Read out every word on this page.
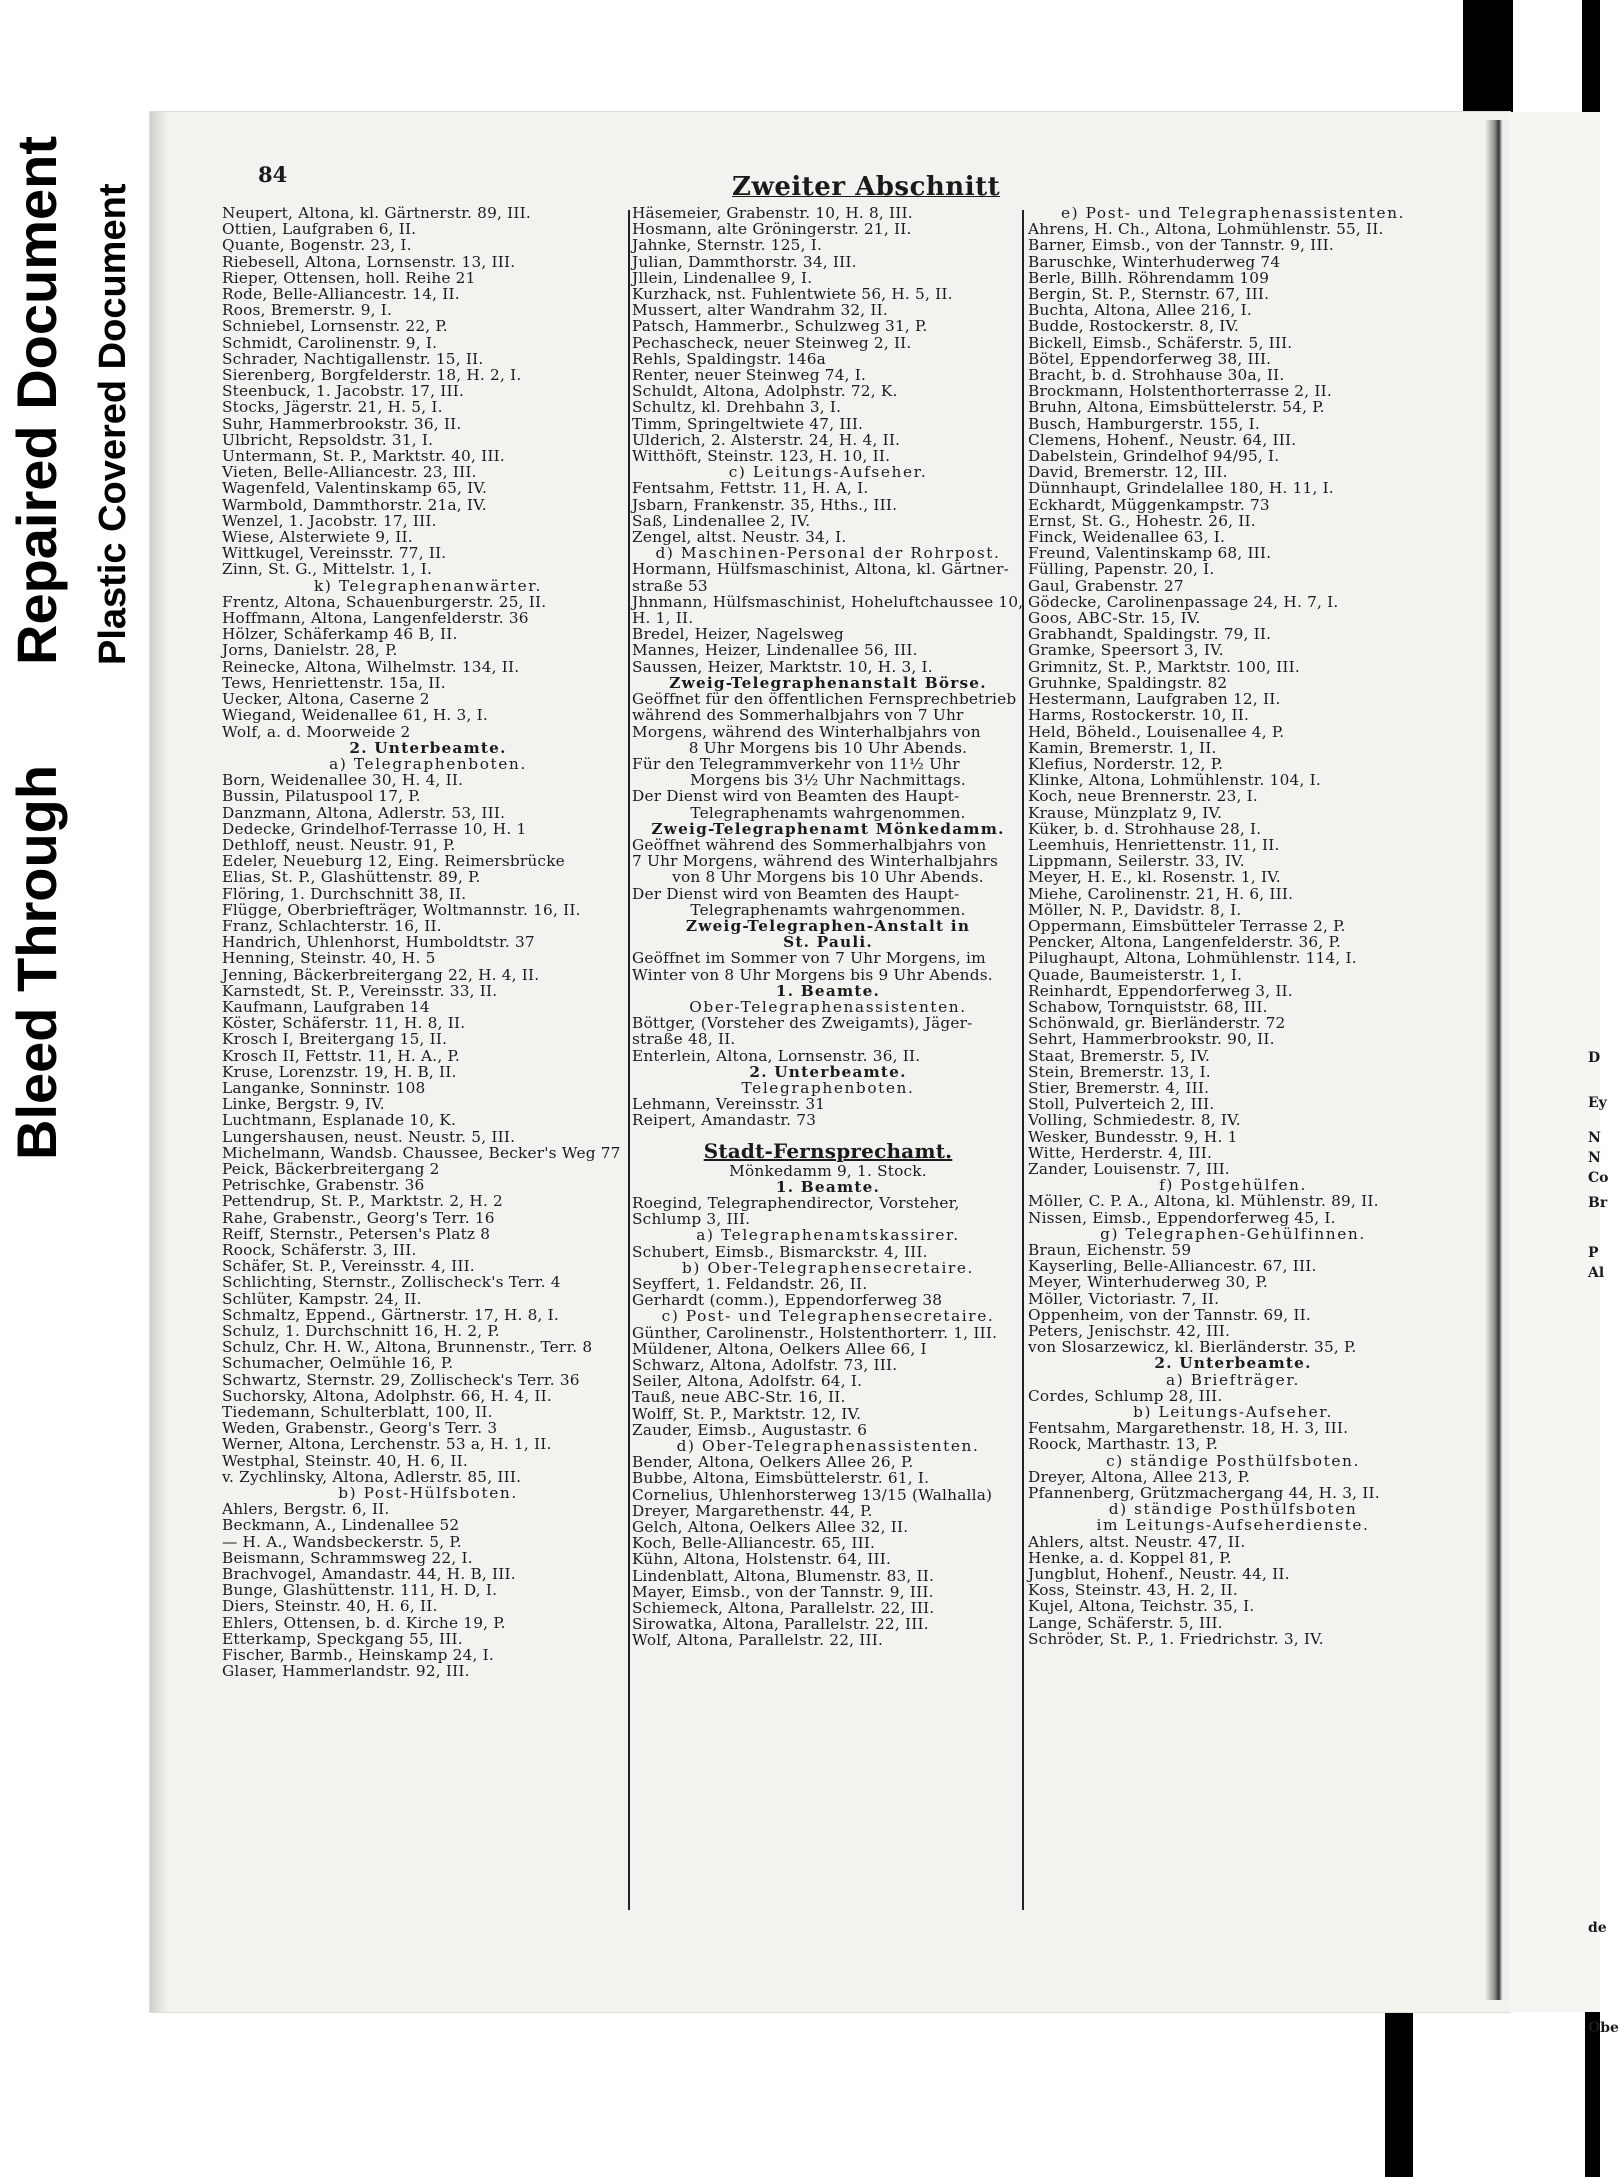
Repaired Document
Bleed Through
Plastic Covered Document
D
Ey
N
N
Co
Br
P
Al
de
Obe
84	Zweiter Abschnitt
Neupert, Altona, kl. Gärtnerstr. 89, III.
Ottien, Laufgraben 6, II.
Quante, Bogenstr. 23, I.
Riebesell, Altona, Lornsenstr. 13, III.
Rieper, Ottensen, holl. Reihe 21
Rode, Belle-Alliancestr. 14, II.
Roos, Bremerstr. 9, I.
Schniebel, Lornsenstr. 22, P.
Schmidt, Carolinenstr. 9, I.
Schrader, Nachtigallenstr. 15, II.
Sierenberg, Borgfelderstr. 18, H. 2, I.
Steenbuck, 1. Jacobstr. 17, III.
Stocks, Jägerstr. 21, H. 5, I.
Suhr, Hammerbrookstr. 36, II.
Ulbricht, Repsoldstr. 31, I.
Untermann, St. P., Marktstr. 40, III.
Vieten, Belle-Alliancestr. 23, III.
Wagenfeld, Valentinskamp 65, IV.
Warmbold, Dammthorstr. 21a, IV.
Wenzel, 1. Jacobstr. 17, III.
Wiese, Alsterwiete 9, II.
Wittkugel, Vereinsstr. 77, II.
Zinn, St. G., Mittelstr. 1, I.
k) Telegraphenanwärter.
Frentz, Altona, Schauenburgerstr. 25, II.
Hoffmann, Altona, Langenfelderstr. 36
Hölzer, Schäferkamp 46 B, II.
Jorns, Danielstr. 28, P.
Reinecke, Altona, Wilhelmstr. 134, II.
Tews, Henriettenstr. 15a, II.
Uecker, Altona, Caserne 2
Wiegand, Weidenallee 61, H. 3, I.
Wolf, a. d. Moorweide 2
2. Unterbeamte.
a) Telegraphenboten.
Born, Weidenallee 30, H. 4, II.
Bussin, Pilatuspool 17, P.
Danzmann, Altona, Adlerstr. 53, III.
Dedecke, Grindelhof-Terrasse 10, H. 1
Dethloff, neust. Neustr. 91, P.
Edeler, Neueburg 12, Eing. Reimersbrücke
Elias, St. P., Glashüttenstr. 89, P.
Flöring, 1. Durchschnitt 38, II.
Flügge, Oberbriefträger, Woltmannstr. 16, II.
Franz, Schlachterstr. 16, II.
Handrich, Uhlenhorst, Humboldtstr. 37
Henning, Steinstr. 40, H. 5
Jenning, Bäckerbreitergang 22, H. 4, II.
Karnstedt, St. P., Vereinsstr. 33, II.
Kaufmann, Laufgraben 14
Köster, Schäferstr. 11, H. 8, II.
Krosch I, Breitergang 15, II.
Krosch II, Fettstr. 11, H. A., P.
Kruse, Lorenzstr. 19, H. B, II.
Langanke, Sonninstr. 108
Linke, Bergstr. 9, IV.
Luchtmann, Esplanade 10, K.
Lungershausen, neust. Neustr. 5, III.
Michelmann, Wandsb. Chaussee, Becker's Weg 77
Peick, Bäckerbreitergang 2
Petrischke, Grabenstr. 36
Pettendrup, St. P., Marktstr. 2, H. 2
Rahe, Grabenstr., Georg's Terr. 16
Reiff, Sternstr., Petersen's Platz 8
Roock, Schäferstr. 3, III.
Schäfer, St. P., Vereinsstr. 4, III.
Schlichting, Sternstr., Zollischeck's Terr. 4
Schlüter, Kampstr. 24, II.
Schmaltz, Eppend., Gärtnerstr. 17, H. 8, I.
Schulz, 1. Durchschnitt 16, H. 2, P.
Schulz, Chr. H. W., Altona, Brunnenstr., Terr. 8
Schumacher, Oelmühle 16, P.
Schwartz, Sternstr. 29, Zollischeck's Terr. 36
Suchorsky, Altona, Adolphstr. 66, H. 4, II.
Tiedemann, Schulterblatt, 100, II.
Weden, Grabenstr., Georg's Terr. 3
Werner, Altona, Lerchenstr. 53 a, H. 1, II.
Westphal, Steinstr. 40, H. 6, II.
v. Zychlinsky, Altona, Adlerstr. 85, III.
b) Post-Hülfsboten.
Ahlers, Bergstr. 6, II.
Beckmann, A., Lindenallee 52
— H. A., Wandsbeckerstr. 5, P.
Beismann, Schrammsweg 22, I.
Brachvogel, Amandastr. 44, H. B, III.
Bunge, Glashüttenstr. 111, H. D, I.
Diers, Steinstr. 40, H. 6, II.
Ehlers, Ottensen, b. d. Kirche 19, P.
Etterkamp, Speckgang 55, III.
Fischer, Barmb., Heinskamp 24, I.
Glaser, Hammerlandstr. 92, III.
Häsemeier, Grabenstr. 10, H. 8, III.
Hosmann, alte Gröningerstr. 21, II.
Jahnke, Sternstr. 125, I.
Julian, Dammthorstr. 34, III.
Jllein, Lindenallee 9, I.
Kurzhack, nst. Fuhlentwiete 56, H. 5, II.
Mussert, alter Wandrahm 32, II.
Patsch, Hammerbr., Schulzweg 31, P.
Pechascheck, neuer Steinweg 2, II.
Rehls, Spaldingstr. 146a
Renter, neuer Steinweg 74, I.
Schuldt, Altona, Adolphstr. 72, K.
Schultz, kl. Drehbahn 3, I.
Timm, Springeltwiete 47, III.
Ulderich, 2. Alsterstr. 24, H. 4, II.
Witthöft, Steinstr. 123, H. 10, II.
c) Leitungs-Aufseher.
Fentsahm, Fettstr. 11, H. A, I.
Jsbarn, Frankenstr. 35, Hths., III.
Saß, Lindenallee 2, IV.
Zengel, altst. Neustr. 34, I.
d) Maschinen-Personal der Rohrpost.
Hormann, Hülfsmaschinist, Altona, kl. Gärtner-
straße 53
Jhnmann, Hülfsmaschinist, Hoheluftchaussee 10,
H. 1, II.
Bredel, Heizer, Nagelsweg
Mannes, Heizer, Lindenallee 56, III.
Saussen, Heizer, Marktstr. 10, H. 3, I.
Zweig-Telegraphenanstalt Börse.
Geöffnet für den öffentlichen Fernsprechbetrieb
während des Sommerhalbjahrs von 7 Uhr
Morgens, während des Winterhalbjahrs von
8 Uhr Morgens bis 10 Uhr Abends.
Für den Telegrammverkehr von 11½ Uhr
Morgens bis 3½ Uhr Nachmittags.
Der Dienst wird von Beamten des Haupt-
Telegraphenamts wahrgenommen.
Zweig-Telegraphenamt Mönkedamm.
Geöffnet während des Sommerhalbjahrs von
7 Uhr Morgens, während des Winterhalbjahrs
von 8 Uhr Morgens bis 10 Uhr Abends.
Der Dienst wird von Beamten des Haupt-
Telegraphenamts wahrgenommen.
Zweig-Telegraphen-Anstalt in
St. Pauli.
Geöffnet im Sommer von 7 Uhr Morgens, im
Winter von 8 Uhr Morgens bis 9 Uhr Abends.
1. Beamte.
Ober-Telegraphenassistenten.
Böttger, (Vorsteher des Zweigamts), Jäger-
straße 48, II.
Enterlein, Altona, Lornsenstr. 36, II.
2. Unterbeamte.
Telegraphenboten.
Lehmann, Vereinsstr. 31
Reipert, Amandastr. 73
Stadt-Fernsprechamt.
Mönkedamm 9, 1. Stock.
1. Beamte.
Roegind, Telegraphendirector, Vorsteher,
Schlump 3, III.
a) Telegraphenamtskassirer.
Schubert, Eimsb., Bismarckstr. 4, III.
b) Ober-Telegraphensecretaire.
Seyffert, 1. Feldandstr. 26, II.
Gerhardt (comm.), Eppendorferweg 38
c) Post- und Telegraphensecretaire.
Günther, Carolinenstr., Holstenthorterr. 1, III.
Müldener, Altona, Oelkers Allee 66, I
Schwarz, Altona, Adolfstr. 73, III.
Seiler, Altona, Adolfstr. 64, I.
Tauß, neue ABC-Str. 16, II.
Wolff, St. P., Marktstr. 12, IV.
Zauder, Eimsb., Augustastr. 6
d) Ober-Telegraphenassistenten.
Bender, Altona, Oelkers Allee 26, P.
Bubbe, Altona, Eimsbüttelerstr. 61, I.
Cornelius, Uhlenhorsterweg 13/15 (Walhalla)
Dreyer, Margarethenstr. 44, P.
Gelch, Altona, Oelkers Allee 32, II.
Koch, Belle-Alliancestr. 65, III.
Kühn, Altona, Holstenstr. 64, III.
Lindenblatt, Altona, Blumenstr. 83, II.
Mayer, Eimsb., von der Tannstr. 9, III.
Schiemeck, Altona, Parallelstr. 22, III.
Sirowatka, Altona, Parallelstr. 22, III.
Wolf, Altona, Parallelstr. 22, III.
e) Post- und Telegraphenassistenten.
Ahrens, H. Ch., Altona, Lohmühlenstr. 55, II.
Barner, Eimsb., von der Tannstr. 9, III.
Baruschke, Winterhuderweg 74
Berle, Billh. Röhrendamm 109
Bergin, St. P., Sternstr. 67, III.
Buchta, Altona, Allee 216, I.
Budde, Rostockerstr. 8, IV.
Bickell, Eimsb., Schäferstr. 5, III.
Bötel, Eppendorferweg 38, III.
Bracht, b. d. Strohhause 30a, II.
Brockmann, Holstenthorterrasse 2, II.
Bruhn, Altona, Eimsbüttelerstr. 54, P.
Busch, Hamburgerstr. 155, I.
Clemens, Hohenf., Neustr. 64, III.
Dabelstein, Grindelhof 94/95, I.
David, Bremerstr. 12, III.
Dünnhaupt, Grindelallee 180, H. 11, I.
Eckhardt, Müggenkampstr. 73
Ernst, St. G., Hohestr. 26, II.
Finck, Weidenallee 63, I.
Freund, Valentinskamp 68, III.
Fülling, Papenstr. 20, I.
Gaul, Grabenstr. 27
Gödecke, Carolinenpassage 24, H. 7, I.
Goos, ABC-Str. 15, IV.
Grabhandt, Spaldingstr. 79, II.
Gramke, Speersort 3, IV.
Grimnitz, St. P., Marktstr. 100, III.
Gruhnke, Spaldingstr. 82
Hestermann, Laufgraben 12, II.
Harms, Rostockerstr. 10, II.
Held, Böheld., Louisenallee 4, P.
Kamin, Bremerstr. 1, II.
Klefius, Norderstr. 12, P.
Klinke, Altona, Lohmühlenstr. 104, I.
Koch, neue Brennerstr. 23, I.
Krause, Münzplatz 9, IV.
Küker, b. d. Strohhause 28, I.
Leemhuis, Henriettenstr. 11, II.
Lippmann, Seilerstr. 33, IV.
Meyer, H. E., kl. Rosenstr. 1, IV.
Miehe, Carolinenstr. 21, H. 6, III.
Möller, N. P., Davidstr. 8, I.
Oppermann, Eimsbütteler Terrasse 2, P.
Pencker, Altona, Langenfelderstr. 36, P.
Pilughaupt, Altona, Lohmühlenstr. 114, I.
Quade, Baumeisterstr. 1, I.
Reinhardt, Eppendorferweg 3, II.
Schabow, Tornquiststr. 68, III.
Schönwald, gr. Bierländerstr. 72
Sehrt, Hammerbrookstr. 90, II.
Staat, Bremerstr. 5, IV.
Stein, Bremerstr. 13, I.
Stier, Bremerstr. 4, III.
Stoll, Pulverteich 2, III.
Volling, Schmiedestr. 8, IV.
Wesker, Bundesstr. 9, H. 1
Witte, Herderstr. 4, III.
Zander, Louisenstr. 7, III.
f) Postgehülfen.
Möller, C. P. A., Altona, kl. Mühlenstr. 89, II.
Nissen, Eimsb., Eppendorferweg 45, I.
g) Telegraphen-Gehülfinnen.
Braun, Eichenstr. 59
Kayserling, Belle-Alliancestr. 67, III.
Meyer, Winterhuderweg 30, P.
Möller, Victoriastr. 7, II.
Oppenheim, von der Tannstr. 69, II.
Peters, Jenischstr. 42, III.
von Slosarzewicz, kl. Bierländerstr. 35, P.
2. Unterbeamte.
a) Briefträger.
Cordes, Schlump 28, III.
b) Leitungs-Aufseher.
Fentsahm, Margarethenstr. 18, H. 3, III.
Roock, Marthastr. 13, P.
c) ständige Posthülfsboten.
Dreyer, Altona, Allee 213, P.
Pfannenberg, Grützmachergang 44, H. 3, II.
d) ständige Posthülfsboten
im Leitungs-Aufseherdienste.
Ahlers, altst. Neustr. 47, II.
Henke, a. d. Koppel 81, P.
Jungblut, Hohenf., Neustr. 44, II.
Koss, Steinstr. 43, H. 2, II.
Kujel, Altona, Teichstr. 35, I.
Lange, Schäferstr. 5, III.
Schröder, St. P., 1. Friedrichstr. 3, IV.
